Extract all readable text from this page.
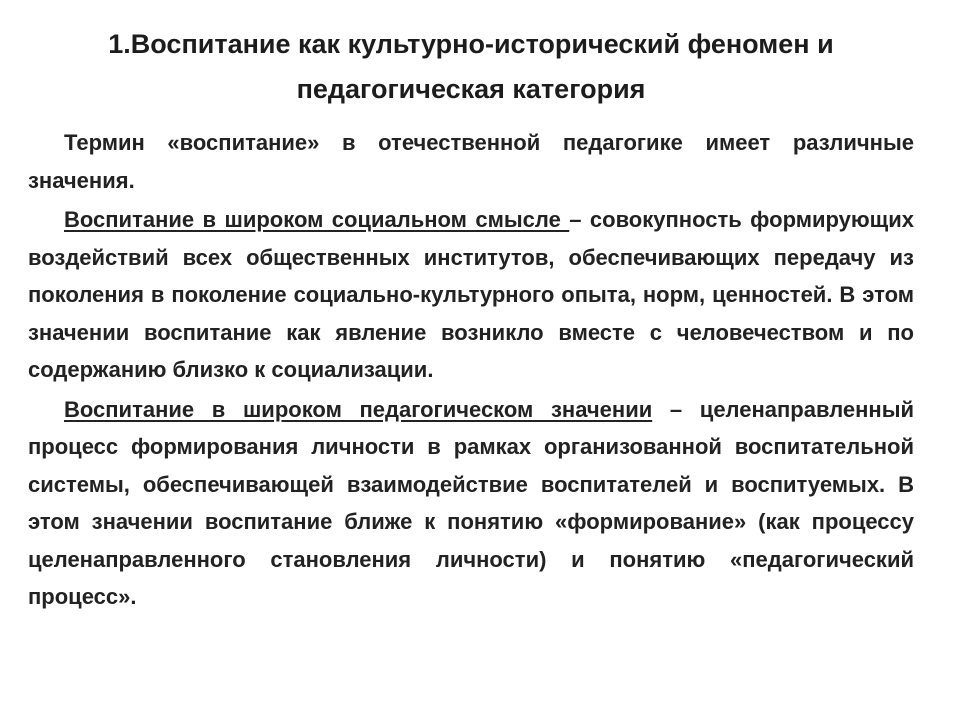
1.Воспитание как культурно-исторический феномен и
педагогическая категория

Термин «воспитание» в отечественной педагогике имеет различные значения.

Воспитание в широком социальном смысле – совокупность формирующих воздействий всех общественных институтов, обеспечивающих передачу из поколения в поколение социально-культурного опыта, норм, ценностей. В этом значении воспитание как явление возникло вместе с человечеством и по содержанию близко к социализации.

Воспитание в широком педагогическом значении – целенаправленный процесс формирования личности в рамках организованной воспитательной системы, обеспечивающей взаимодействие воспитателей и воспитуемых. В этом значении воспитание ближе к понятию «формирование» (как процессу целенаправленного становления личности) и понятию «педагогический процесс».
